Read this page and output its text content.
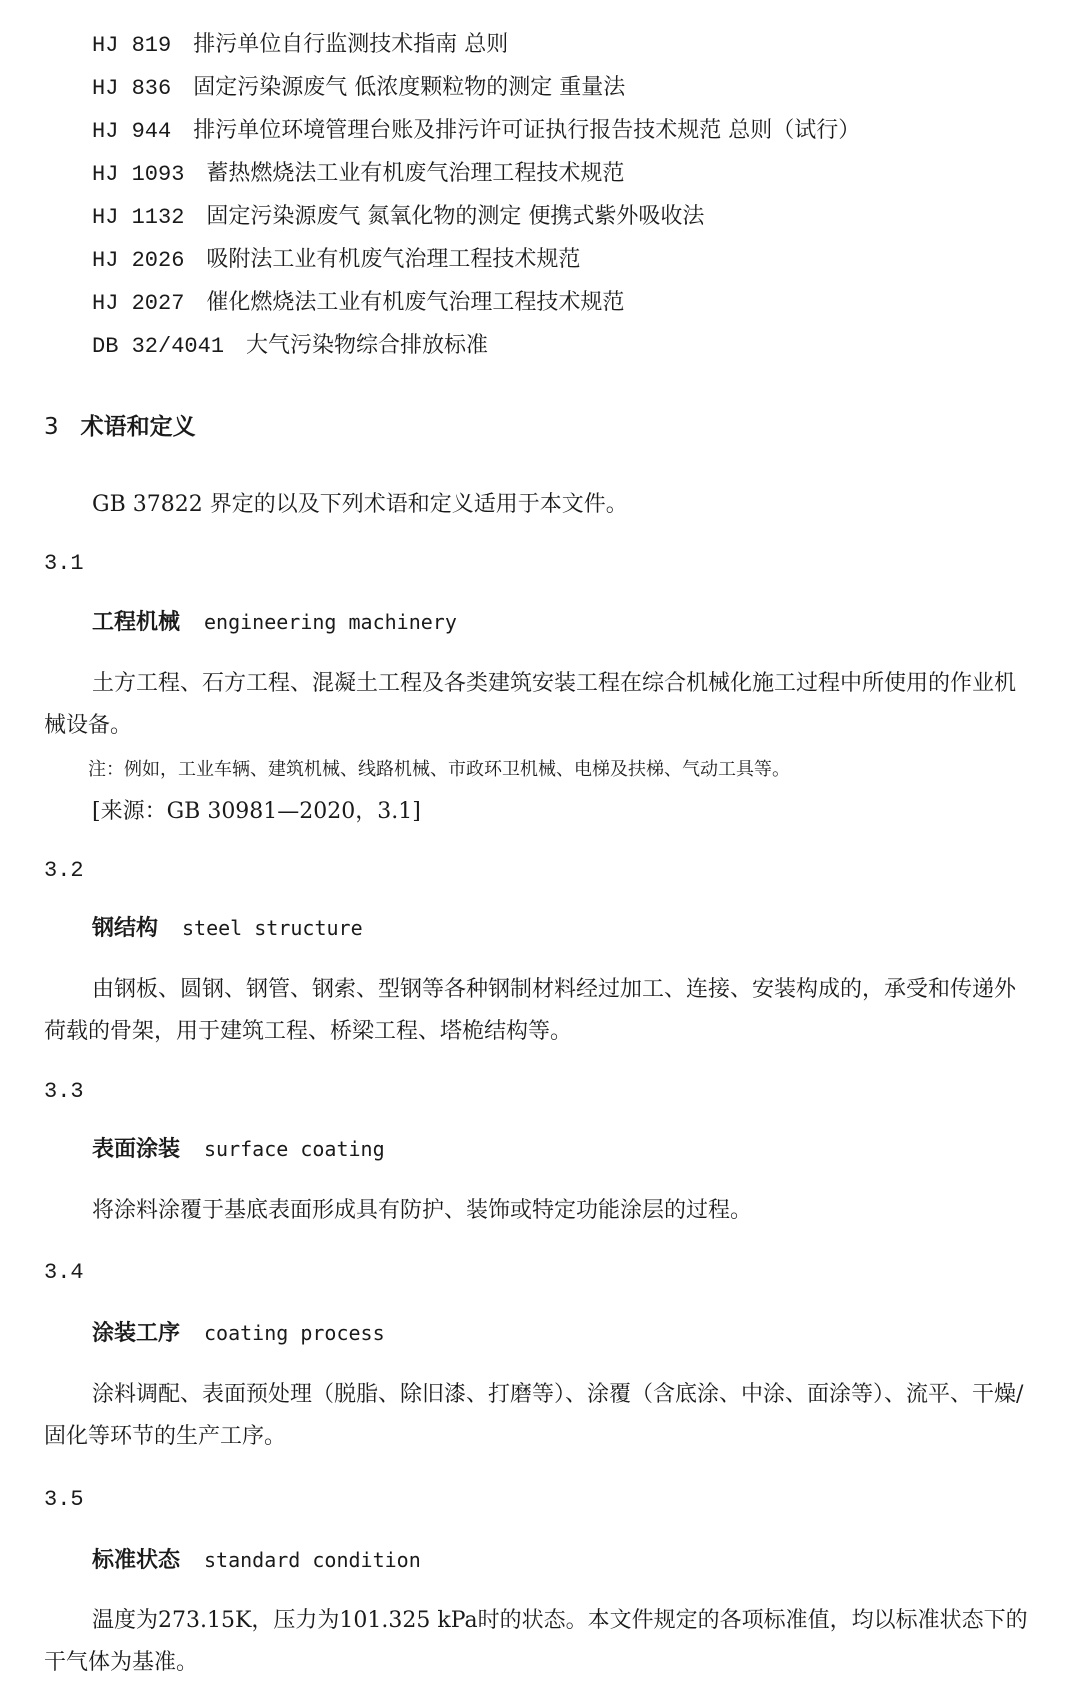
HJ 819 排污单位自行监测技术指南 总则
HJ 836 固定污染源废气 低浓度颗粒物的测定 重量法
HJ 944 排污单位环境管理台账及排污许可证执行报告技术规范 总则（试行）
HJ 1093 蓄热燃烧法工业有机废气治理工程技术规范
HJ 1132 固定污染源废气 氮氧化物的测定 便携式紫外吸收法
HJ 2026 吸附法工业有机废气治理工程技术规范
HJ 2027 催化燃烧法工业有机废气治理工程技术规范
DB 32/4041 大气污染物综合排放标准
3 术语和定义
GB 37822 界定的以及下列术语和定义适用于本文件。
3.1
工程机械 engineering machinery
土方工程、石方工程、混凝土工程及各类建筑安装工程在综合机械化施工过程中所使用的作业机械设备。
注：例如，工业车辆、建筑机械、线路机械、市政环卫机械、电梯及扶梯、气动工具等。
[来源：GB 30981—2020，3.1]
3.2
钢结构 steel structure
由钢板、圆钢、钢管、钢索、型钢等各种钢制材料经过加工、连接、安装构成的，承受和传递外荷载的骨架，用于建筑工程、桥梁工程、塔桅结构等。
3.3
表面涂装 surface coating
将涂料涂覆于基底表面形成具有防护、装饰或特定功能涂层的过程。
3.4
涂装工序 coating process
涂料调配、表面预处理（脱脂、除旧漆、打磨等）、涂覆（含底涂、中涂、面涂等）、流平、干燥/固化等环节的生产工序。
3.5
标准状态 standard condition
温度为273.15K，压力为101.325 kPa时的状态。本文件规定的各项标准值，均以标准状态下的干气体为基准。
